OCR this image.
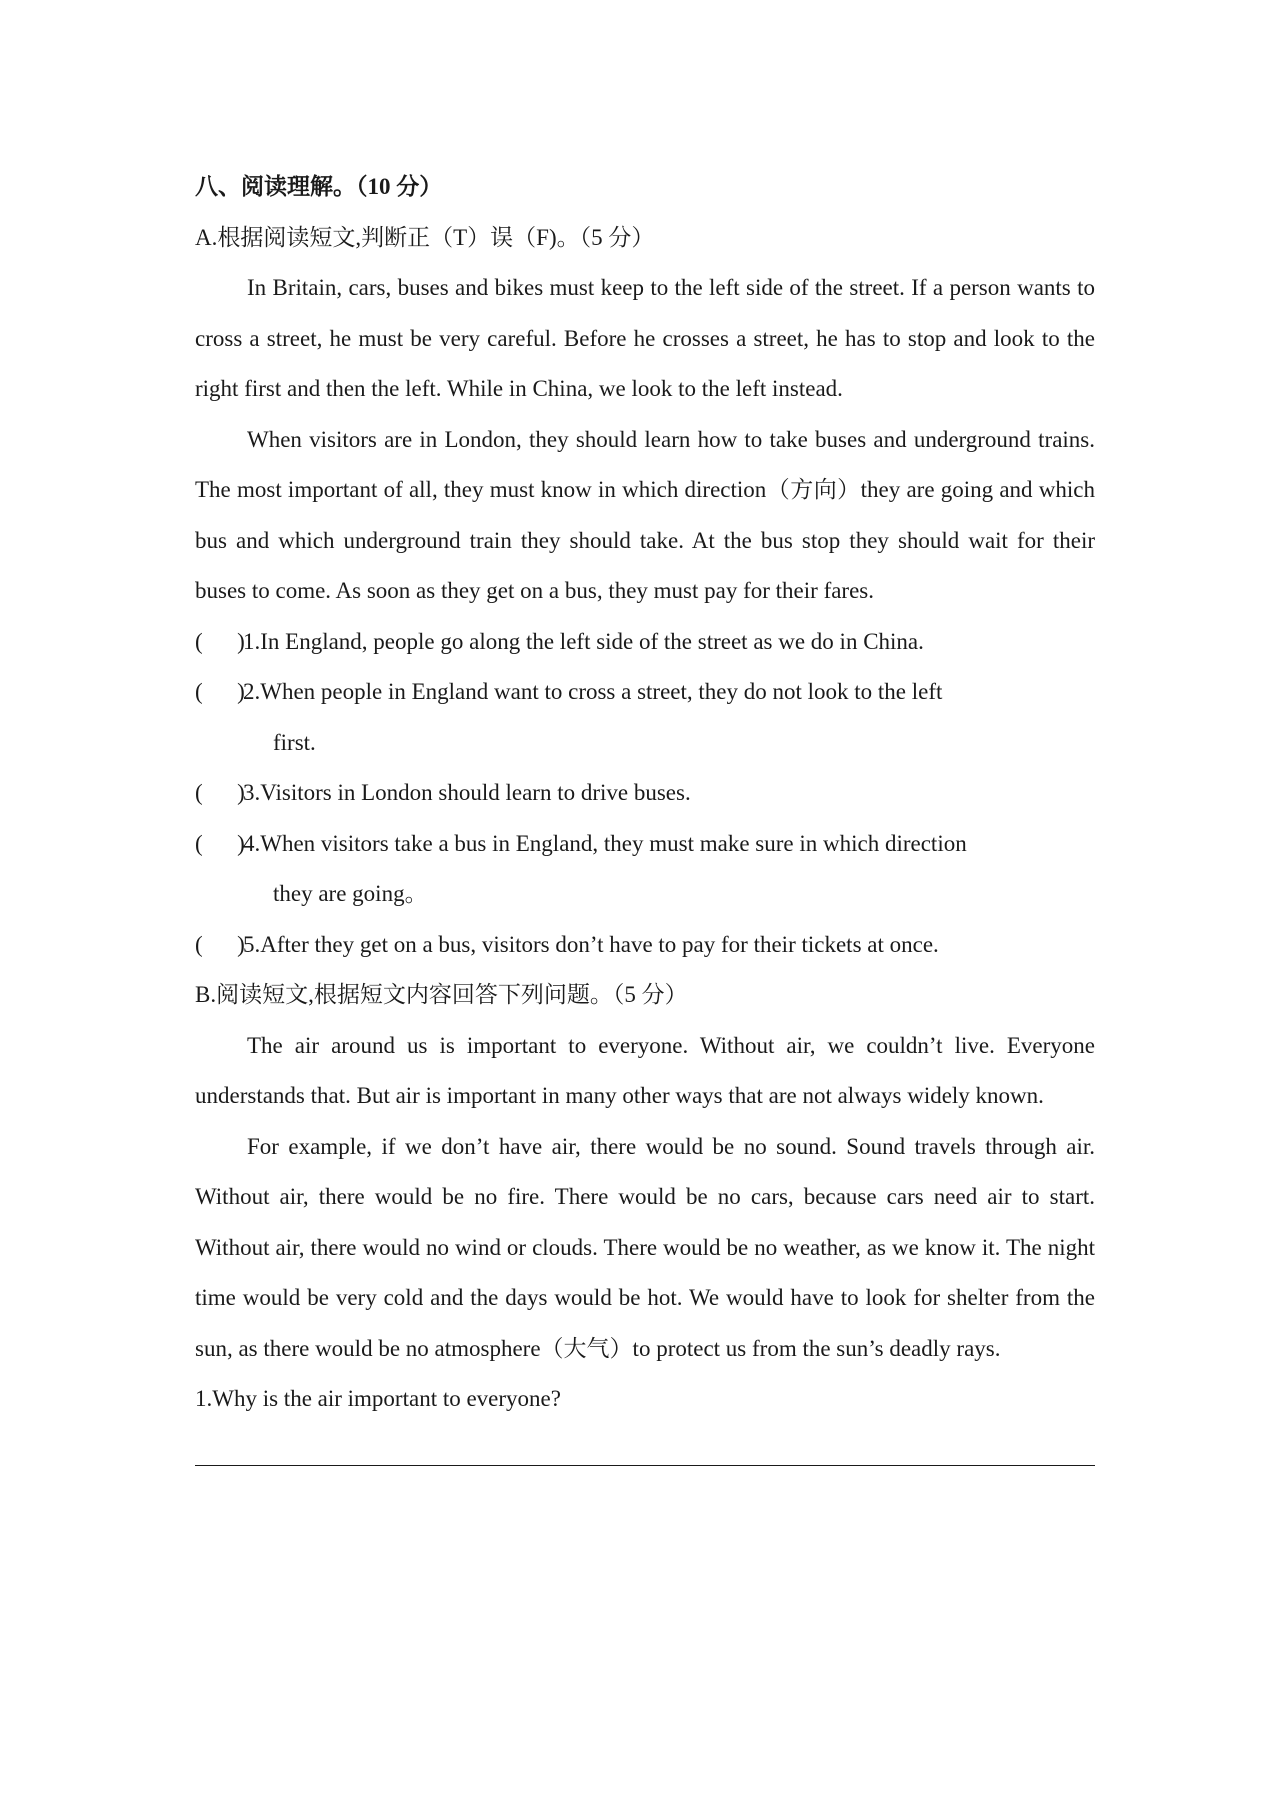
八、阅读理解。（10 分）
A.根据阅读短文,判断正（T）误（F)。（5 分）

In Britain, cars, buses and bikes must keep to the left side of the street. If a person wants to cross a street, he must be very careful. Before he crosses a street, he has to stop and look to the right first and then the left. While in China, we look to the left instead.

When visitors are in London, they should learn how to take buses and underground trains. The most important of all, they must know in which direction（方向）they are going and which bus and which underground train they should take. At the bus stop they should wait for their buses to come. As soon as they get on a bus, they must pay for their fares.

(      )
1.In England, people go along the left side of the street as we do in China.
(      )
2.When people in England want to cross a street, they do not look to the left
first.
(      )
3.Visitors in London should learn to drive buses.
(      )
4.When visitors take a bus in England, they must make sure in which direction
they are going。
(      )
5.After they get on a bus, visitors don’t have to pay for their tickets at once.
B.阅读短文,根据短文内容回答下列问题。（5 分）

The air around us is important to everyone. Without air, we couldn’t live. Everyone understands that. But air is important in many other ways that are not always widely known.

For example, if we don’t have air, there would be no sound. Sound travels through air. Without air, there would be no fire. There would be no cars, because cars need air to start. Without air, there would no wind or clouds. There would be no weather, as we know it. The night time would be very cold and the days would be hot. We would have to look for shelter from the sun, as there would be no atmosphere（大气）to protect us from the sun’s deadly rays.

1.Why is the air important to everyone?
